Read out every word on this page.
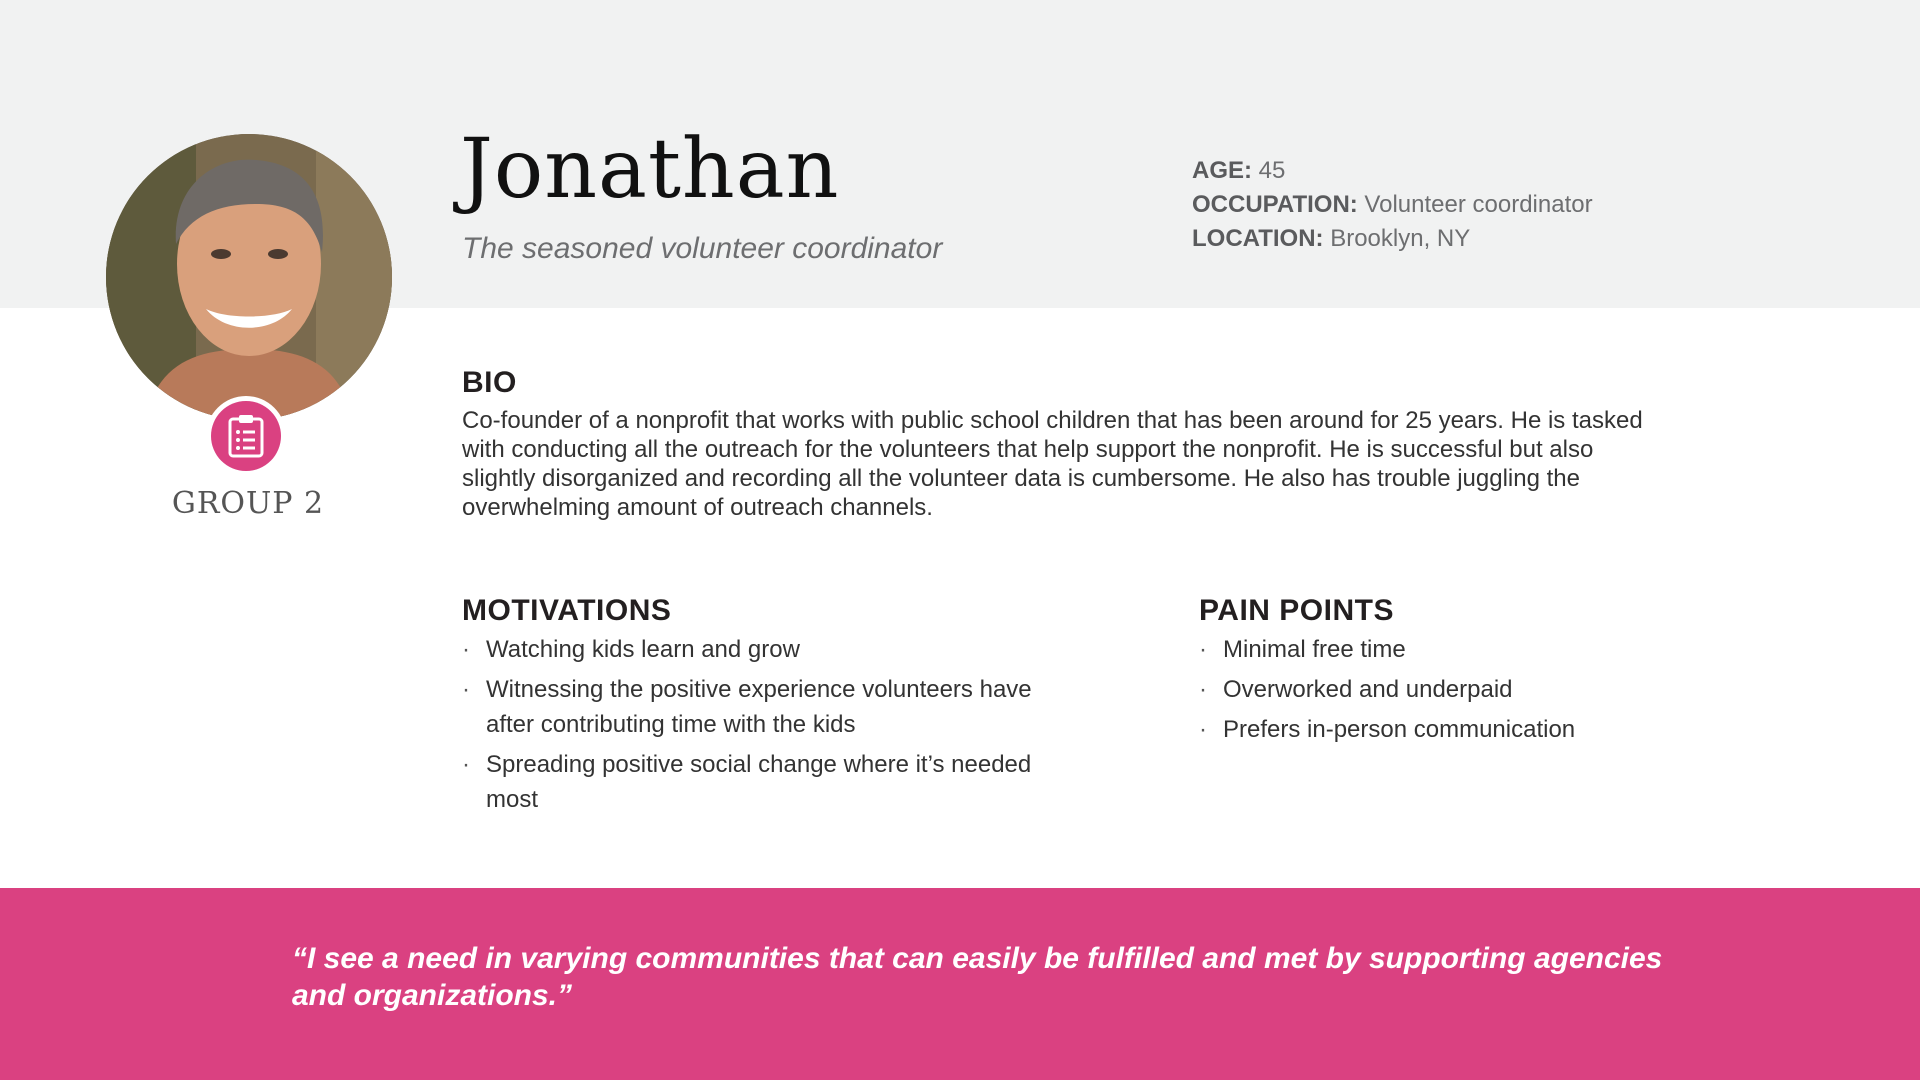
GROUP 2
Jonathan
The seasoned volunteer coordinator
AGE: 45
OCCUPATION: Volunteer coordinator
LOCATION: Brooklyn, NY
BIO
Co-founder of a nonprofit that works with public school children that has been around for 25 years. He is tasked with conducting all the outreach for the volunteers that help support the nonprofit. He is successful but also slightly disorganized and recording all the volunteer data is cumbersome. He also has trouble juggling the overwhelming amount of outreach channels.
MOTIVATIONS
· Watching kids learn and grow
· Witnessing the positive experience volunteers have after contributing time with the kids
· Spreading positive social change where it’s needed most
PAIN POINTS
· Minimal free time
· Overworked and underpaid
· Prefers in-person communication
“I see a need in varying communities that can easily be fulfilled and met by supporting agencies and organizations.”
